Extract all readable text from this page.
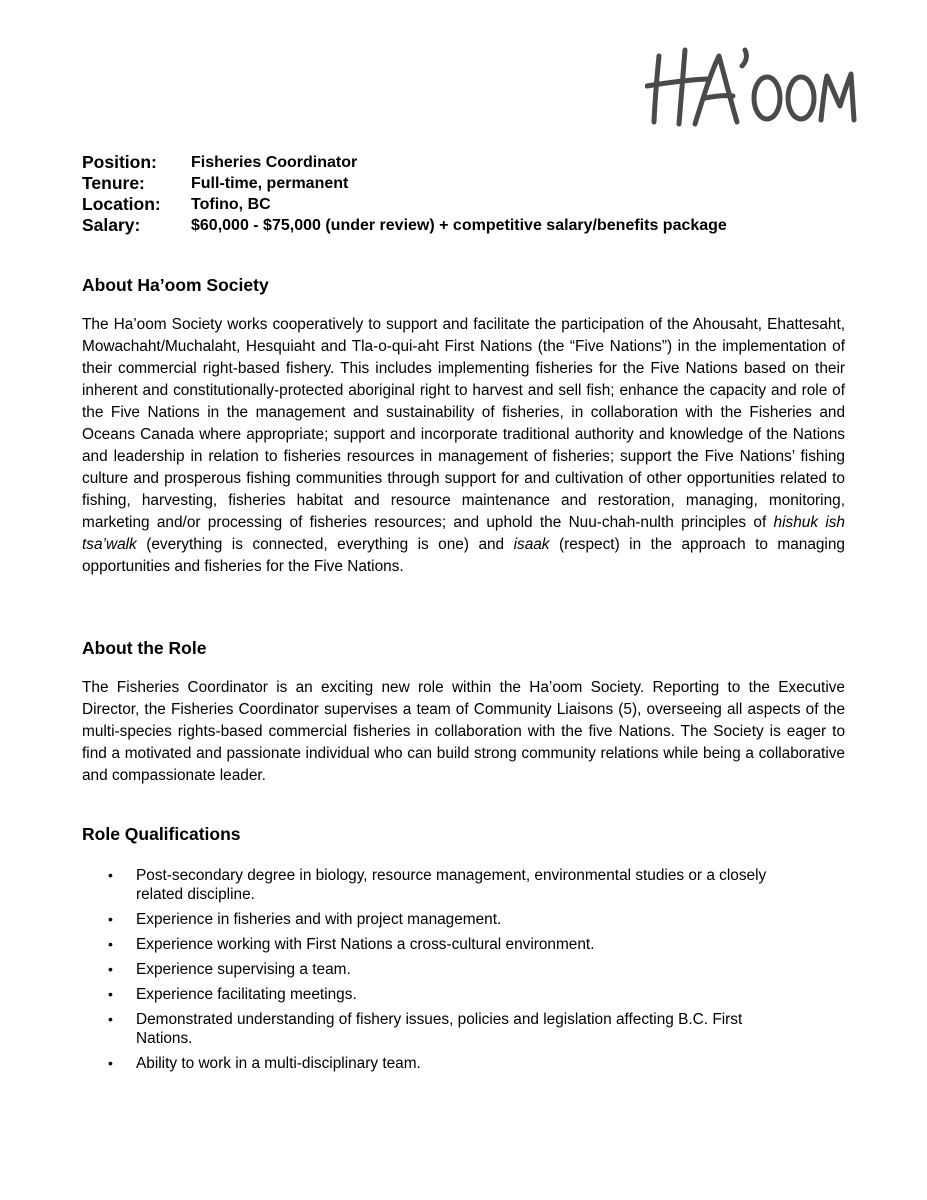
Position:	Fisheries Coordinator
Tenure:	Full-time, permanent
Location:	Tofino, BC
Salary:	$60,000 - $75,000 (under review) + competitive salary/benefits package
About Ha’oom Society

The Ha’oom Society works cooperatively to support and facilitate the participation of the Ahousaht, Ehattesaht, Mowachaht/Muchalaht, Hesquiaht and Tla-o-qui-aht First Nations (the “Five Nations”) in the implementation of their commercial right-based fishery. This includes implementing fisheries for the Five Nations based on their inherent and constitutionally-protected aboriginal right to harvest and sell fish; enhance the capacity and role of the Five Nations in the management and sustainability of fisheries, in collaboration with the Fisheries and Oceans Canada where appropriate; support and incorporate traditional authority and knowledge of the Nations and leadership in relation to fisheries resources in management of fisheries; support the Five Nations’ fishing culture and prosperous fishing communities through support for and cultivation of other opportunities related to fishing, harvesting, fisheries habitat and resource maintenance and restoration, managing, monitoring, marketing and/or processing of fisheries resources; and uphold the Nuu-chah-nulth principles of hishuk ish tsa’walk (everything is connected, everything is one) and isaak (respect) in the approach to managing opportunities and fisheries for the Five Nations.

About the Role

The Fisheries Coordinator is an exciting new role within the Ha’oom Society. Reporting to the Executive Director, the Fisheries Coordinator supervises a team of Community Liaisons (5), overseeing all aspects of the multi-species rights-based commercial fisheries in collaboration with the five Nations. The Society is eager to find a motivated and passionate individual who can build strong community relations while being a collaborative and compassionate leader.

Role Qualifications
• Post-secondary degree in biology, resource management, environmental studies or a closely related discipline.
• Experience in fisheries and with project management.
• Experience working with First Nations a cross-cultural environment.
• Experience supervising a team.
• Experience facilitating meetings.
• Demonstrated understanding of fishery issues, policies and legislation affecting B.C. First Nations.
• Ability to work in a multi-disciplinary team.
